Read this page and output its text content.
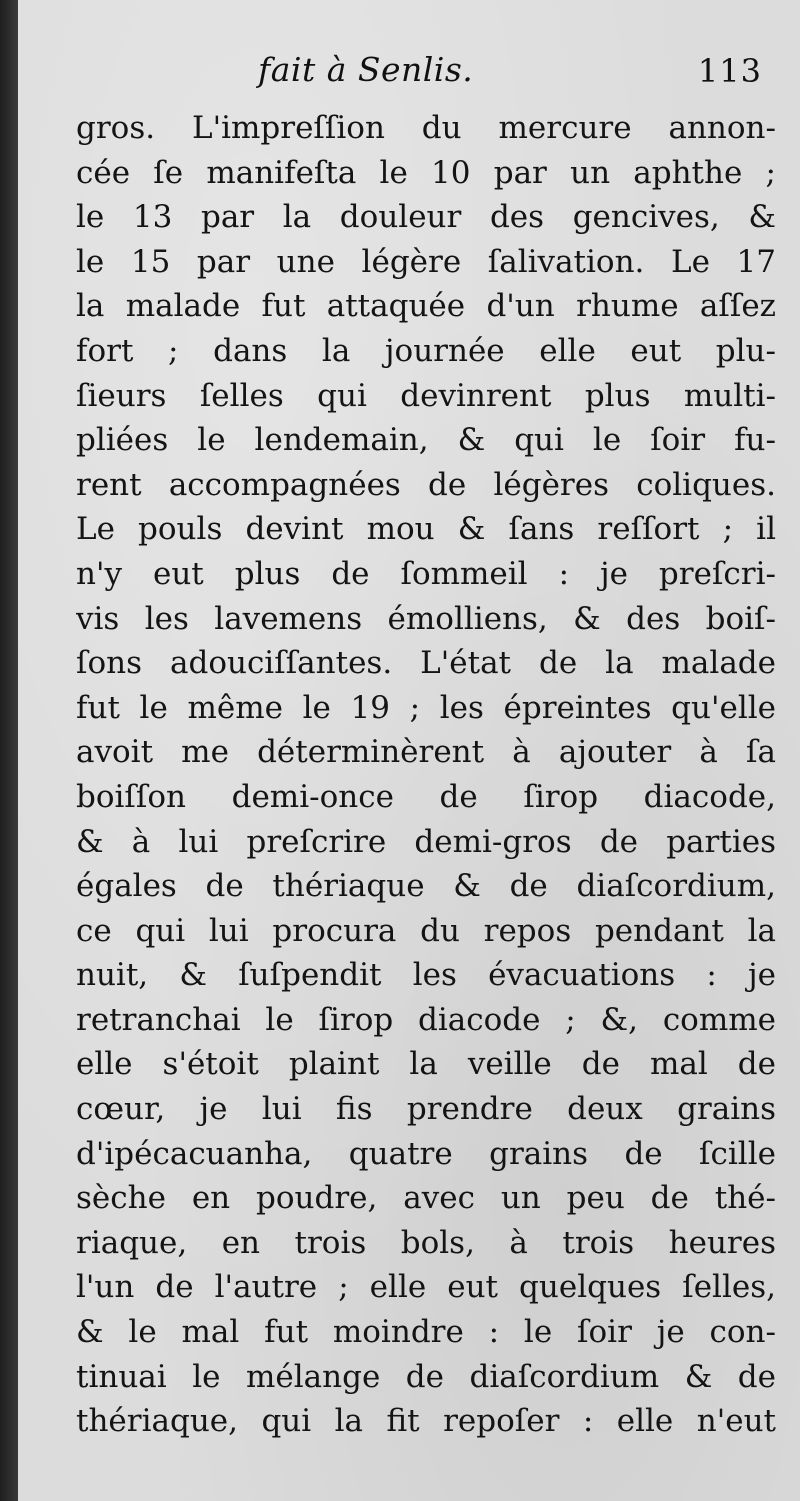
fait à Senlis.	113
gros. L'impreſſion du mercure annon-
cée ſe manifeſta le 10 par un aphthe ;
le 13 par la douleur des gencives, &
le 15 par une légère ſalivation. Le 17
la malade fut attaquée d'un rhume aſſez
fort ; dans la journée elle eut plu-
ſieurs ſelles qui devinrent plus multi-
pliées le lendemain, & qui le ſoir fu-
rent accompagnées de légères coliques.
Le pouls devint mou & ſans reſſort ; il
n'y eut plus de ſommeil : je preſcri-
vis les lavemens émolliens, & des boiſ-
ſons adouciſſantes. L'état de la malade
fut le même le 19 ; les épreintes qu'elle
avoit me déterminèrent à ajouter à ſa
boiſſon demi-once de ſirop diacode,
& à lui preſcrire demi-gros de parties
égales de thériaque & de diaſcordium,
ce qui lui procura du repos pendant la
nuit, & ſuſpendit les évacuations : je
retranchai le ſirop diacode ; &, comme
elle s'étoit plaint la veille de mal de
cœur, je lui fis prendre deux grains
d'ipécacuanha, quatre grains de ſcille
sèche en poudre, avec un peu de thé-
riaque, en trois bols, à trois heures
l'un de l'autre ; elle eut quelques ſelles,
& le mal fut moindre : le ſoir je con-
tinuai le mélange de diaſcordium & de
thériaque, qui la fit repoſer : elle n'eut
